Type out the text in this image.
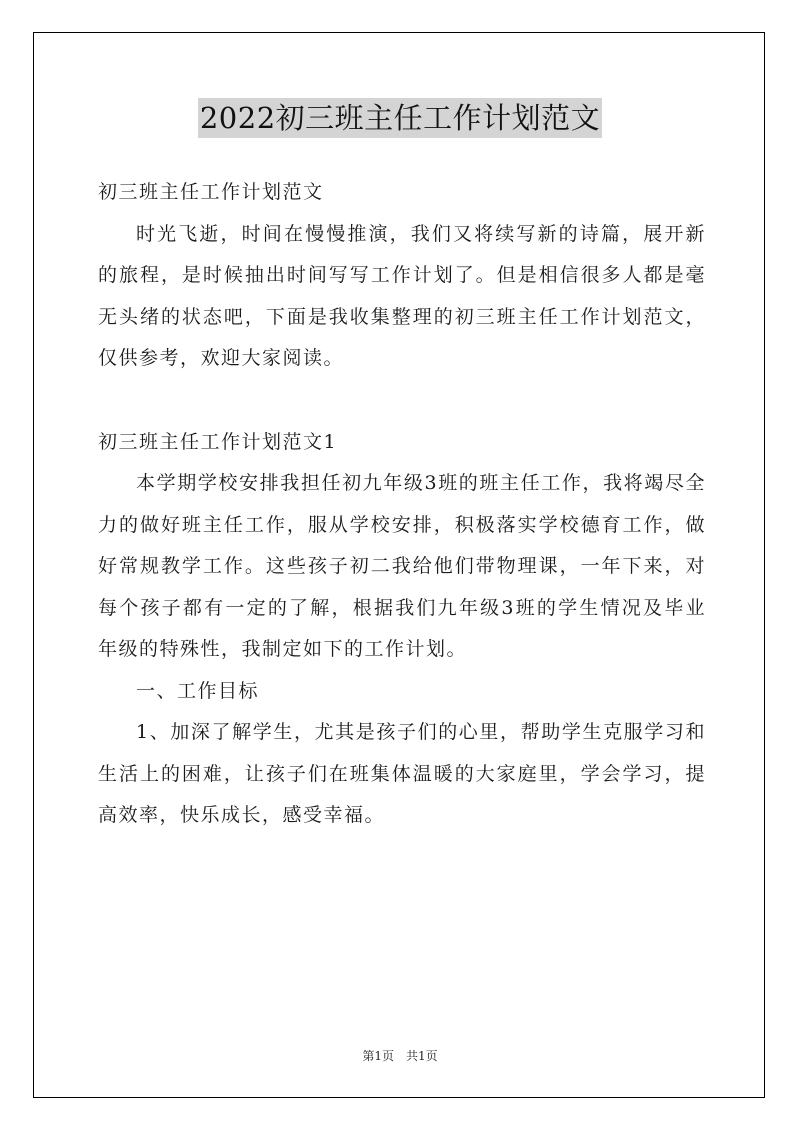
2022初三班主任工作计划范文

初三班主任工作计划范文

时光飞逝，时间在慢慢推演，我们又将续写新的诗篇，展开新的旅程，是时候抽出时间写写工作计划了。但是相信很多人都是毫无头绪的状态吧，下面是我收集整理的初三班主任工作计划范文，仅供参考，欢迎大家阅读。

初三班主任工作计划范文1

本学期学校安排我担任初九年级3班的班主任工作，我将竭尽全力的做好班主任工作，服从学校安排，积极落实学校德育工作，做好常规教学工作。这些孩子初二我给他们带物理课，一年下来，对每个孩子都有一定的了解，根据我们九年级3班的学生情况及毕业年级的特殊性，我制定如下的工作计划。

一、工作目标

1、加深了解学生，尤其是孩子们的心里，帮助学生克服学习和生活上的困难，让孩子们在班集体温暖的大家庭里，学会学习，提高效率，快乐成长，感受幸福。

第1页　共1页
